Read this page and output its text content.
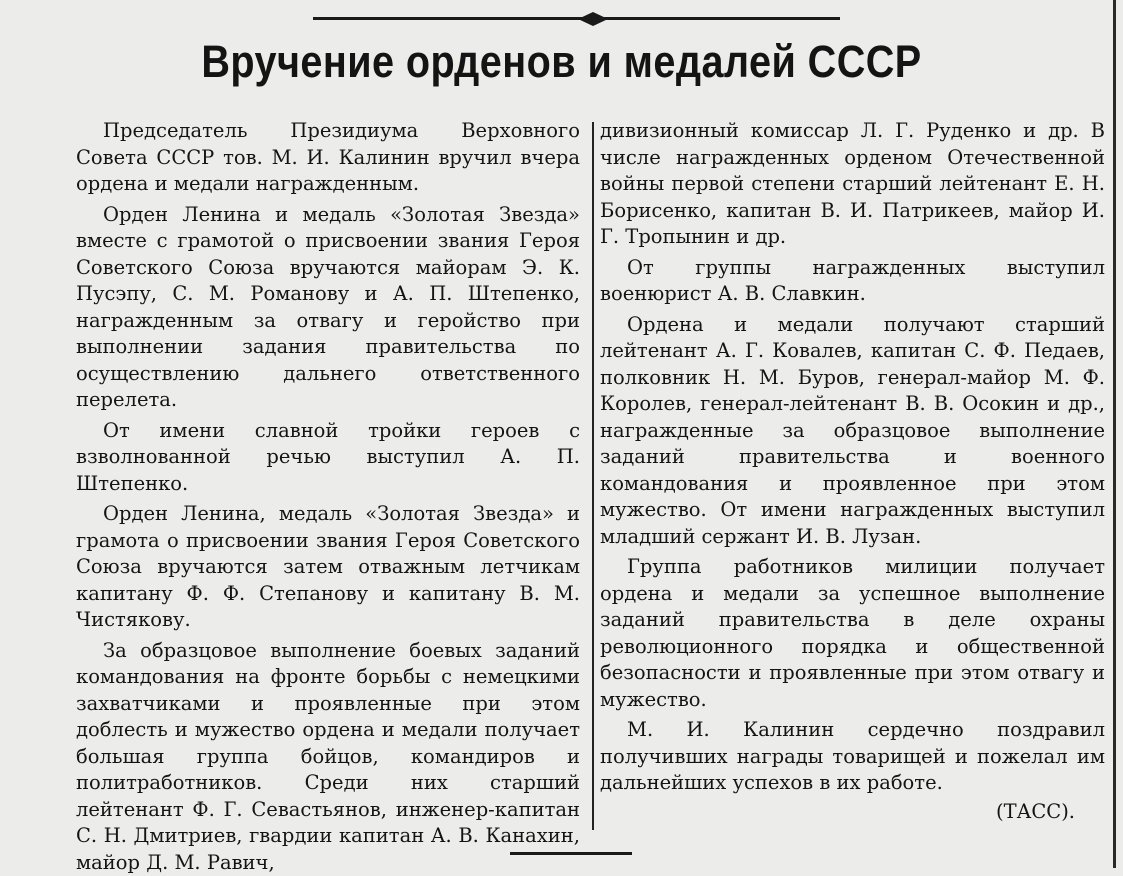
Вручение орденов и медалей СССР

Председатель Президиума Верховного Совета СССР тов. М. И. Калинин вручил вчера ордена и медали награжденным.

Орден Ленина и медаль «Золотая Звезда» вместе с грамотой о присвоении звания Героя Советского Союза вручаются майорам Э. К. Пусэпу, С. М. Романову и А. П. Штепенко, награжденным за отвагу и геройство при выполнении задания правительства по осуществлению дальнего ответственного перелета.

От имени славной тройки героев с взволнованной речью выступил А. П. Штепенко.

Орден Ленина, медаль «Золотая Звезда» и грамота о присвоении звания Героя Советского Союза вручаются затем отважным летчикам капитану Ф. Ф. Степанову и капитану В. М. Чистякову.

За образцовое выполнение боевых заданий командования на фронте борьбы с немецкими захватчиками и проявленные при этом доблесть и мужество ордена и медали получает большая группа бойцов, командиров и политработников. Среди них старший лейтенант Ф. Г. Севастьянов, инженер-капитан С. Н. Дмитриев, гвардии капитан А. В. Канахин, майор Д. М. Равич,

дивизионный комиссар Л. Г. Руденко и др. В числе награжденных орденом Отечественной войны первой степени старший лейтенант Е. Н. Борисенко, капитан В. И. Патрикеев, майор И. Г. Тропынин и др.

От группы награжденных выступил военюрист А. В. Славкин.

Ордена и медали получают старший лейтенант А. Г. Ковалев, капитан С. Ф. Педаев, полковник Н. М. Буров, генерал-майор М. Ф. Королев, генерал-лейтенант В. В. Осокин и др., награжденные за образцовое выполнение заданий правительства и военного командования и проявленное при этом мужество. От имени награжденных выступил младший сержант И. В. Лузан.

Группа работников милиции получает ордена и медали за успешное выполнение заданий правительства в деле охраны революционного порядка и общественной безопасности и проявленные при этом отвагу и мужество.

М. И. Калинин сердечно поздравил получивших награды товарищей и пожелал им дальнейших успехов в их работе.

(ТАСС).
